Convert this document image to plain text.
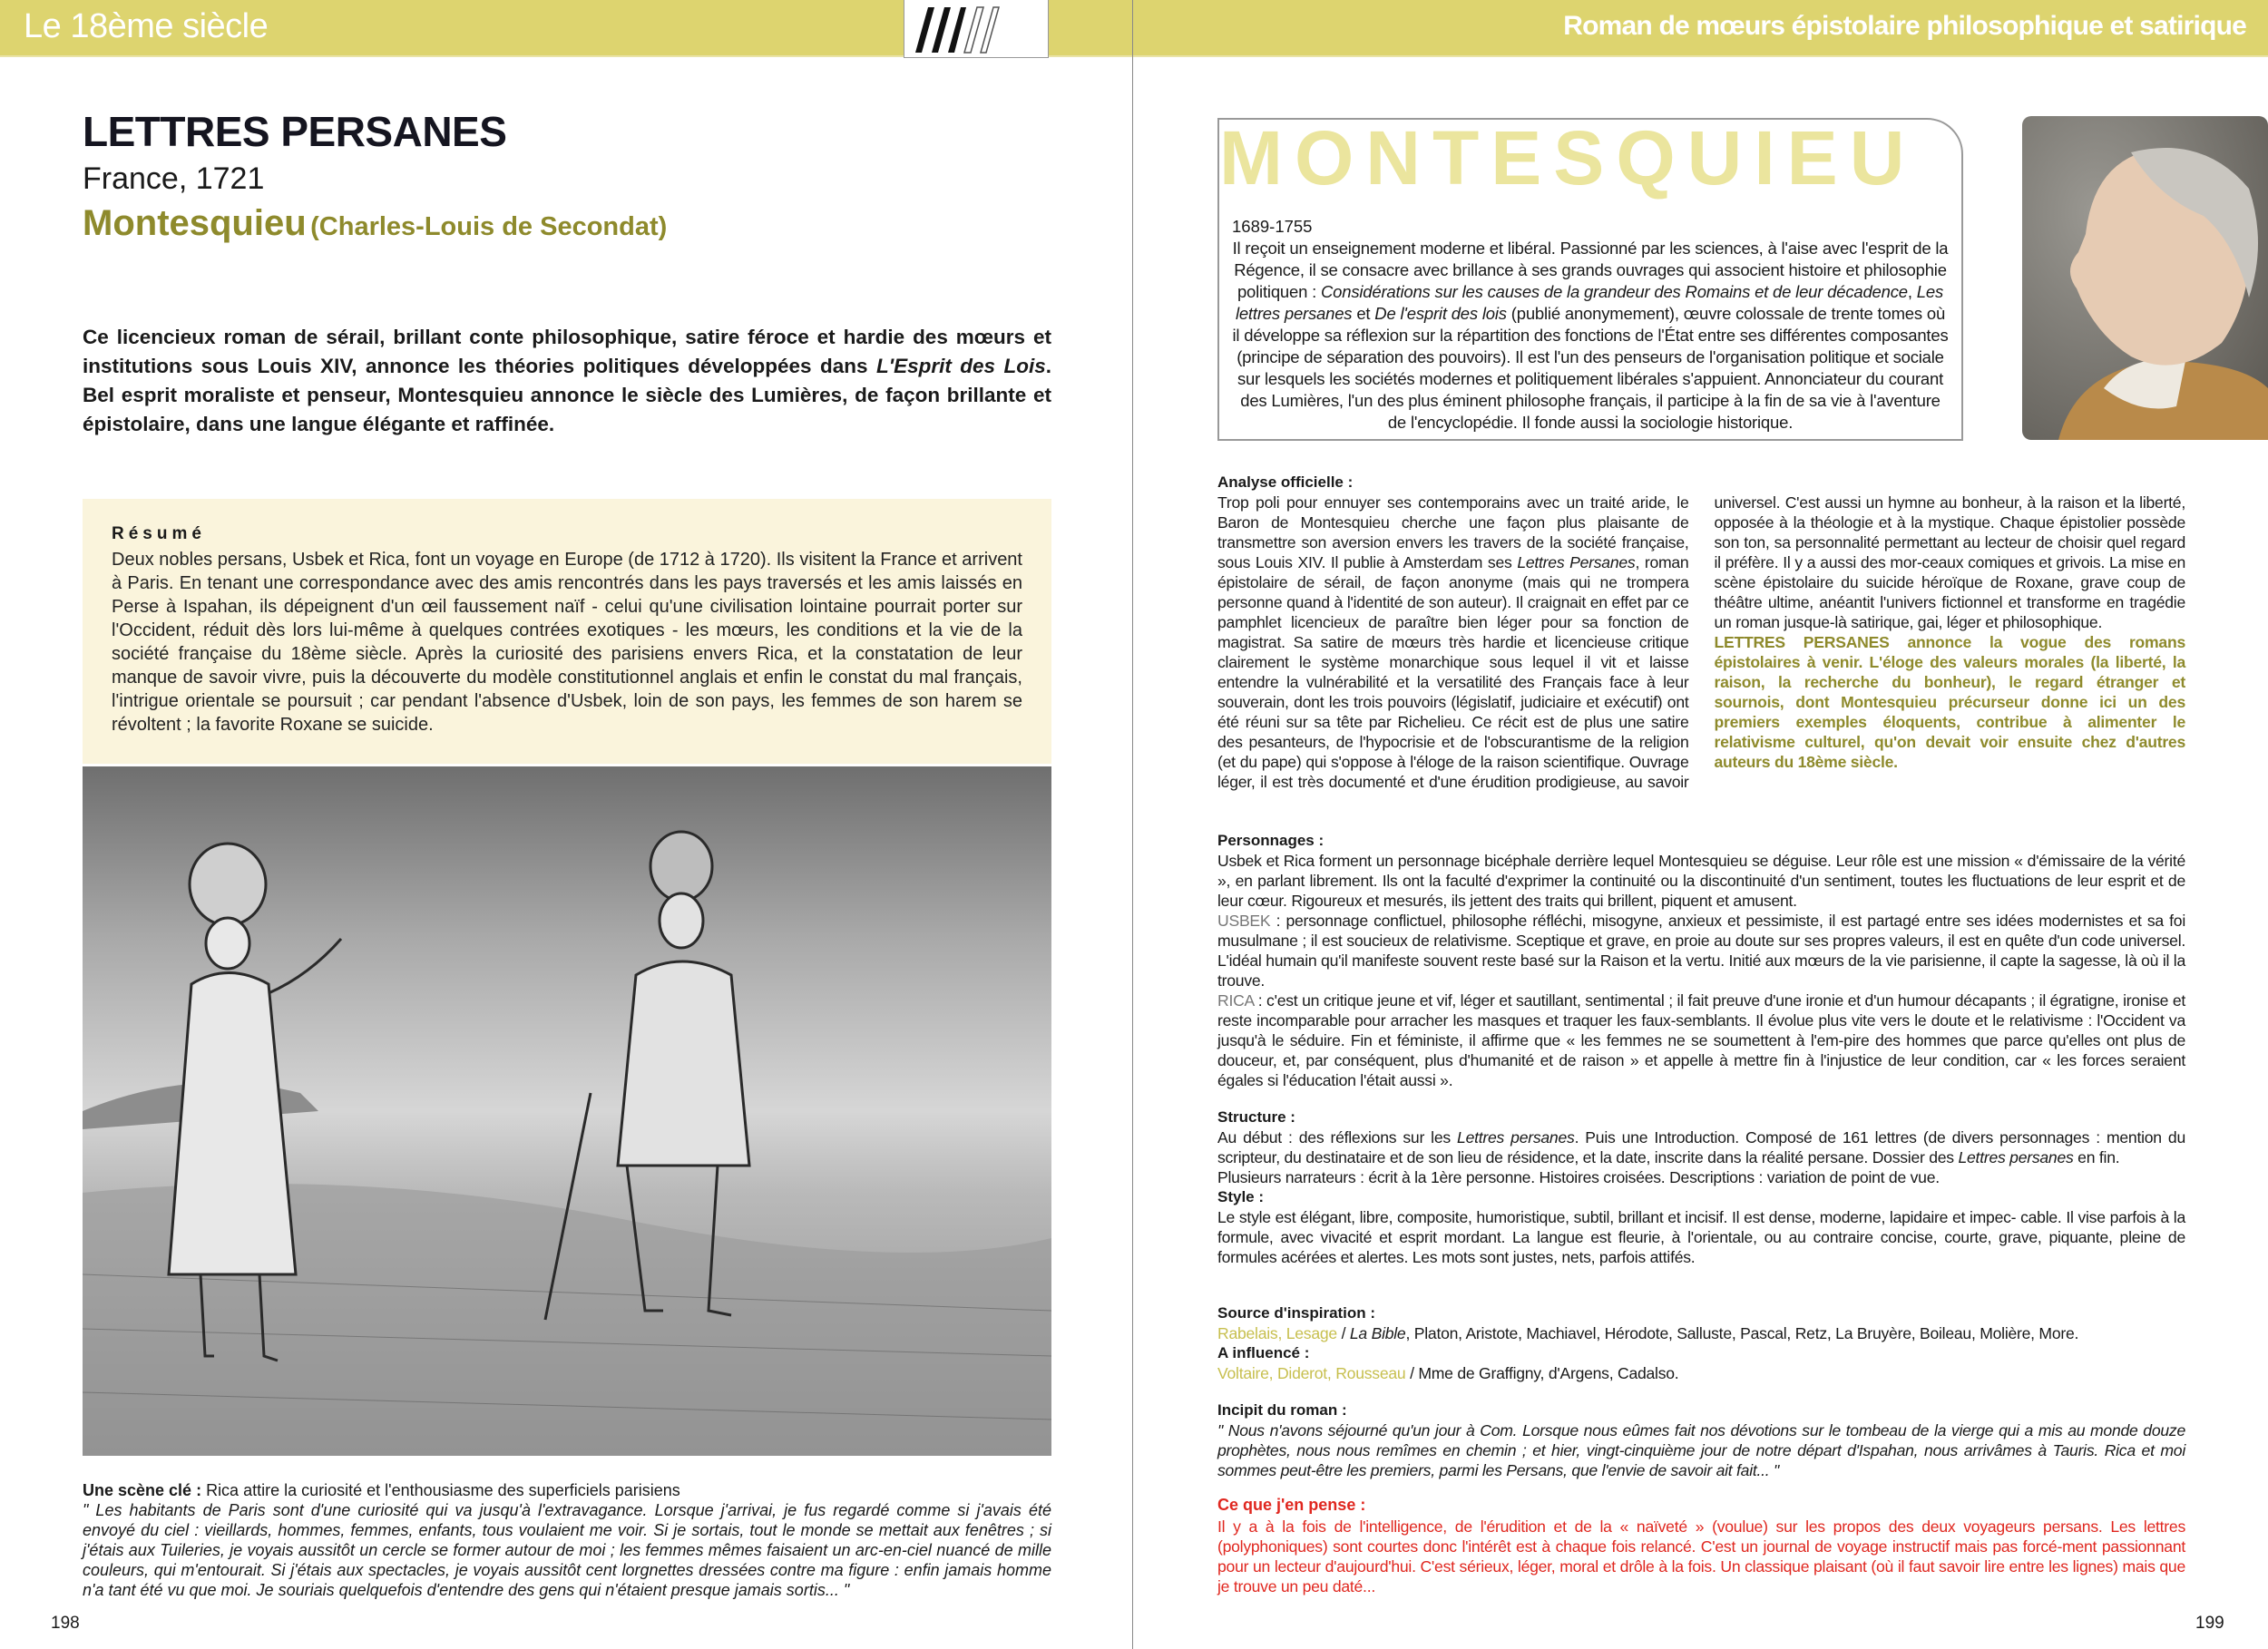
Le 18ème siècle	Roman de mœurs épistolaire philosophique et satirique
LETTRES PERSANES
France, 1721
Montesquieu (Charles-Louis de Secondat)
Ce licencieux roman de sérail, brillant conte philosophique, satire féroce et hardie des mœurs et institutions sous Louis XIV, annonce les théories politiques développées dans L'Esprit des Lois. Bel esprit moraliste et penseur, Montesquieu annonce le siècle des Lumières, de façon brillante et épistolaire, dans une langue élégante et raffinée.
Résumé
Deux nobles persans, Usbek et Rica, font un voyage en Europe (de 1712 à 1720). Ils visitent la France et arrivent à Paris. En tenant une correspondance avec des amis rencontrés dans les pays traversés et les amis laissés en Perse à Ispahan, ils dépeignent d'un œil faussement naïf - celui qu'une civilisation lointaine pourrait porter sur l'Occident, réduit dès lors lui-même à quelques contrées exotiques - les mœurs, les conditions et la vie de la société française du 18ème siècle. Après la curiosité des parisiens envers Rica, et la constatation de leur manque de savoir vivre, puis la découverte du modèle constitutionnel anglais et enfin le constat du mal français, l'intrigue orientale se poursuit ; car pendant l'absence d'Usbek, loin de son pays, les femmes de son harem se révoltent ; la favorite Roxane se suicide.
Une scène clé : Rica attire la curiosité et l'enthousiasme des superficiels parisiens
" Les habitants de Paris sont d'une curiosité qui va jusqu'à l'extravagance. Lorsque j'arrivai, je fus regardé comme si j'avais été envoyé du ciel : vieillards, hommes, femmes, enfants, tous voulaient me voir. Si je sortais, tout le monde se mettait aux fenêtres ; si j'étais aux Tuileries, je voyais aussitôt un cercle se former autour de moi ; les femmes mêmes faisaient un arc-en-ciel nuancé de mille couleurs, qui m'entourait. Si j'étais aux spectacles, je voyais aussitôt cent lorgnettes dressées contre ma figure : enfin jamais homme n'a tant été vu que moi. Je souriais quelquefois d'entendre des gens qui n'étaient presque jamais sortis... "
198
MONTESQUIEU
1689-1755
Il reçoit un enseignement moderne et libéral. Passionné par les sciences, à l'aise avec l'esprit de la Régence, il se consacre avec brillance à ses grands ouvrages qui associent histoire et philosophie politiquen : Considérations sur les causes de la grandeur des Romains et de leur décadence, Les lettres persanes et De l'esprit des lois (publié anonymement), œuvre colossale de trente tomes où il développe sa réflexion sur la répartition des fonctions de l'État entre ses différentes composantes (principe de séparation des pouvoirs). Il est l'un des penseurs de l'organisation politique et sociale sur lesquels les sociétés modernes et politiquement libérales s'appuient. Annonciateur du courant des Lumières, l'un des plus éminent philosophe français, il participe à la fin de sa vie à l'aventure de l'encyclopédie. Il fonde aussi la sociologie historique.
Analyse officielle :

Trop poli pour ennuyer ses contemporains avec un traité aride, le Baron de Montesquieu cherche une façon plus plaisante de transmettre son aversion envers les travers de la société française, sous Louis XIV. Il publie à Amsterdam ses Lettres Persanes, roman épistolaire de sérail, de façon anonyme (mais qui ne trompera personne quand à l'identité de son auteur). Il craignait en effet par ce pamphlet licencieux de paraître bien léger pour sa fonction de magistrat. Sa satire de mœurs très hardie et licencieuse critique clairement le système monarchique sous lequel il vit et laisse entendre la vulnérabilité et la versatilité des Français face à leur souverain, dont les trois pouvoirs (législatif, judiciaire et exécutif) ont été réuni sur sa tête par Richelieu. Ce récit est de plus une satire des pesanteurs, de l'hypocrisie et de l'obscurantisme de la religion (et du pape) qui s'oppose à l'éloge de la raison scientifique. Ouvrage léger, il est très documenté et d'une érudition prodigieuse, au savoir universel. C'est aussi un hymne au bonheur, à la raison et la liberté, opposée à la théologie et à la mystique. Chaque épistolier possède son ton, sa personnalité permettant au lecteur de choisir quel regard il préfère. Il y a aussi des mor-ceaux comiques et grivois. La mise en scène épistolaire du suicide héroïque de Roxane, grave coup de théâtre ultime, anéantit l'univers fictionnel et transforme en tragédie un roman jusque-là satirique, gai, léger et philosophique.

LETTRES PERSANES annonce la vogue des romans épistolaires à venir. L'éloge des valeurs morales (la liberté, la raison, la recherche du bonheur), le regard étranger et sournois, dont Montesquieu précurseur donne ici un des premiers exemples éloquents, contribue à alimenter le relativisme culturel, qu'on devait voir ensuite chez d'autres auteurs du 18ème siècle.

Personnages :

Usbek et Rica forment un personnage bicéphale derrière lequel Montesquieu se déguise. Leur rôle est une mission « d'émissaire de la vérité », en parlant librement. Ils ont la faculté d'exprimer la continuité ou la discontinuité d'un sentiment, toutes les fluctuations de leur esprit et de leur cœur. Rigoureux et mesurés, ils jettent des traits qui brillent, piquent et amusent.

USBEK : personnage conflictuel, philosophe réfléchi, misogyne, anxieux et pessimiste, il est partagé entre ses idées modernistes et sa foi musulmane ; il est soucieux de relativisme. Sceptique et grave, en proie au doute sur ses propres valeurs, il est en quête d'un code universel. L'idéal humain qu'il manifeste souvent reste basé sur la Raison et la vertu. Initié aux mœurs de la vie parisienne, il capte la sagesse, là où il la trouve.

RICA : c'est un critique jeune et vif, léger et sautillant, sentimental ; il fait preuve d'une ironie et d'un humour décapants ; il égratigne, ironise et reste incomparable pour arracher les masques et traquer les faux-semblants. Il évolue plus vite vers le doute et le relativisme : l'Occident va jusqu'à le séduire. Fin et féministe, il affirme que « les femmes ne se soumettent à l'em-pire des hommes que parce qu'elles ont plus de douceur, et, par conséquent, plus d'humanité et de raison » et appelle à mettre fin à l'injustice de leur condition, car « les forces seraient égales si l'éducation l'était aussi ».

Structure :

Au début : des réflexions sur les Lettres persanes. Puis une Introduction. Composé de 161 lettres (de divers personnages : mention du scripteur, du destinataire et de son lieu de résidence, et la date, inscrite dans la réalité persane. Dossier des Lettres persanes en fin.

Plusieurs narrateurs : écrit à la 1ère personne. Histoires croisées. Descriptions : variation de point de vue.

Style :

Le style est élégant, libre, composite, humoristique, subtil, brillant et incisif. Il est dense, moderne, lapidaire et impec- cable. Il vise parfois à la formule, avec vivacité et esprit mordant. La langue est fleurie, à l'orientale, ou au contraire concise, courte, grave, piquante, pleine de formules acérées et alertes. Les mots sont justes, nets, parfois attifés.

Source d'inspiration :

Rabelais, Lesage / La Bible, Platon, Aristote, Machiavel, Hérodote, Salluste, Pascal, Retz, La Bruyère, Boileau, Molière, More.

A influencé :

Voltaire, Diderot, Rousseau / Mme de Graffigny, d'Argens, Cadalso.

Incipit du roman :

" Nous n'avons séjourné qu'un jour à Com. Lorsque nous eûmes fait nos dévotions sur le tombeau de la vierge qui a mis au monde douze prophètes, nous nous remîmes en chemin ; et hier, vingt-cinquième jour de notre départ d'Ispahan, nous arrivâmes à Tauris. Rica et moi sommes peut-être les premiers, parmi les Persans, que l'envie de savoir ait fait... "

Ce que j'en pense :

Il y a à la fois de l'intelligence, de l'érudition et de la « naïveté » (voulue) sur les propos des deux voyageurs persans. Les lettres (polyphoniques) sont courtes donc l'intérêt est à chaque fois relancé. C'est un journal de voyage instructif mais pas forcé-ment passionnant pour un lecteur d'aujourd'hui. C'est sérieux, léger, moral et drôle à la fois. Un classique plaisant (où il faut savoir lire entre les lignes) mais que je trouve un peu daté...

199
